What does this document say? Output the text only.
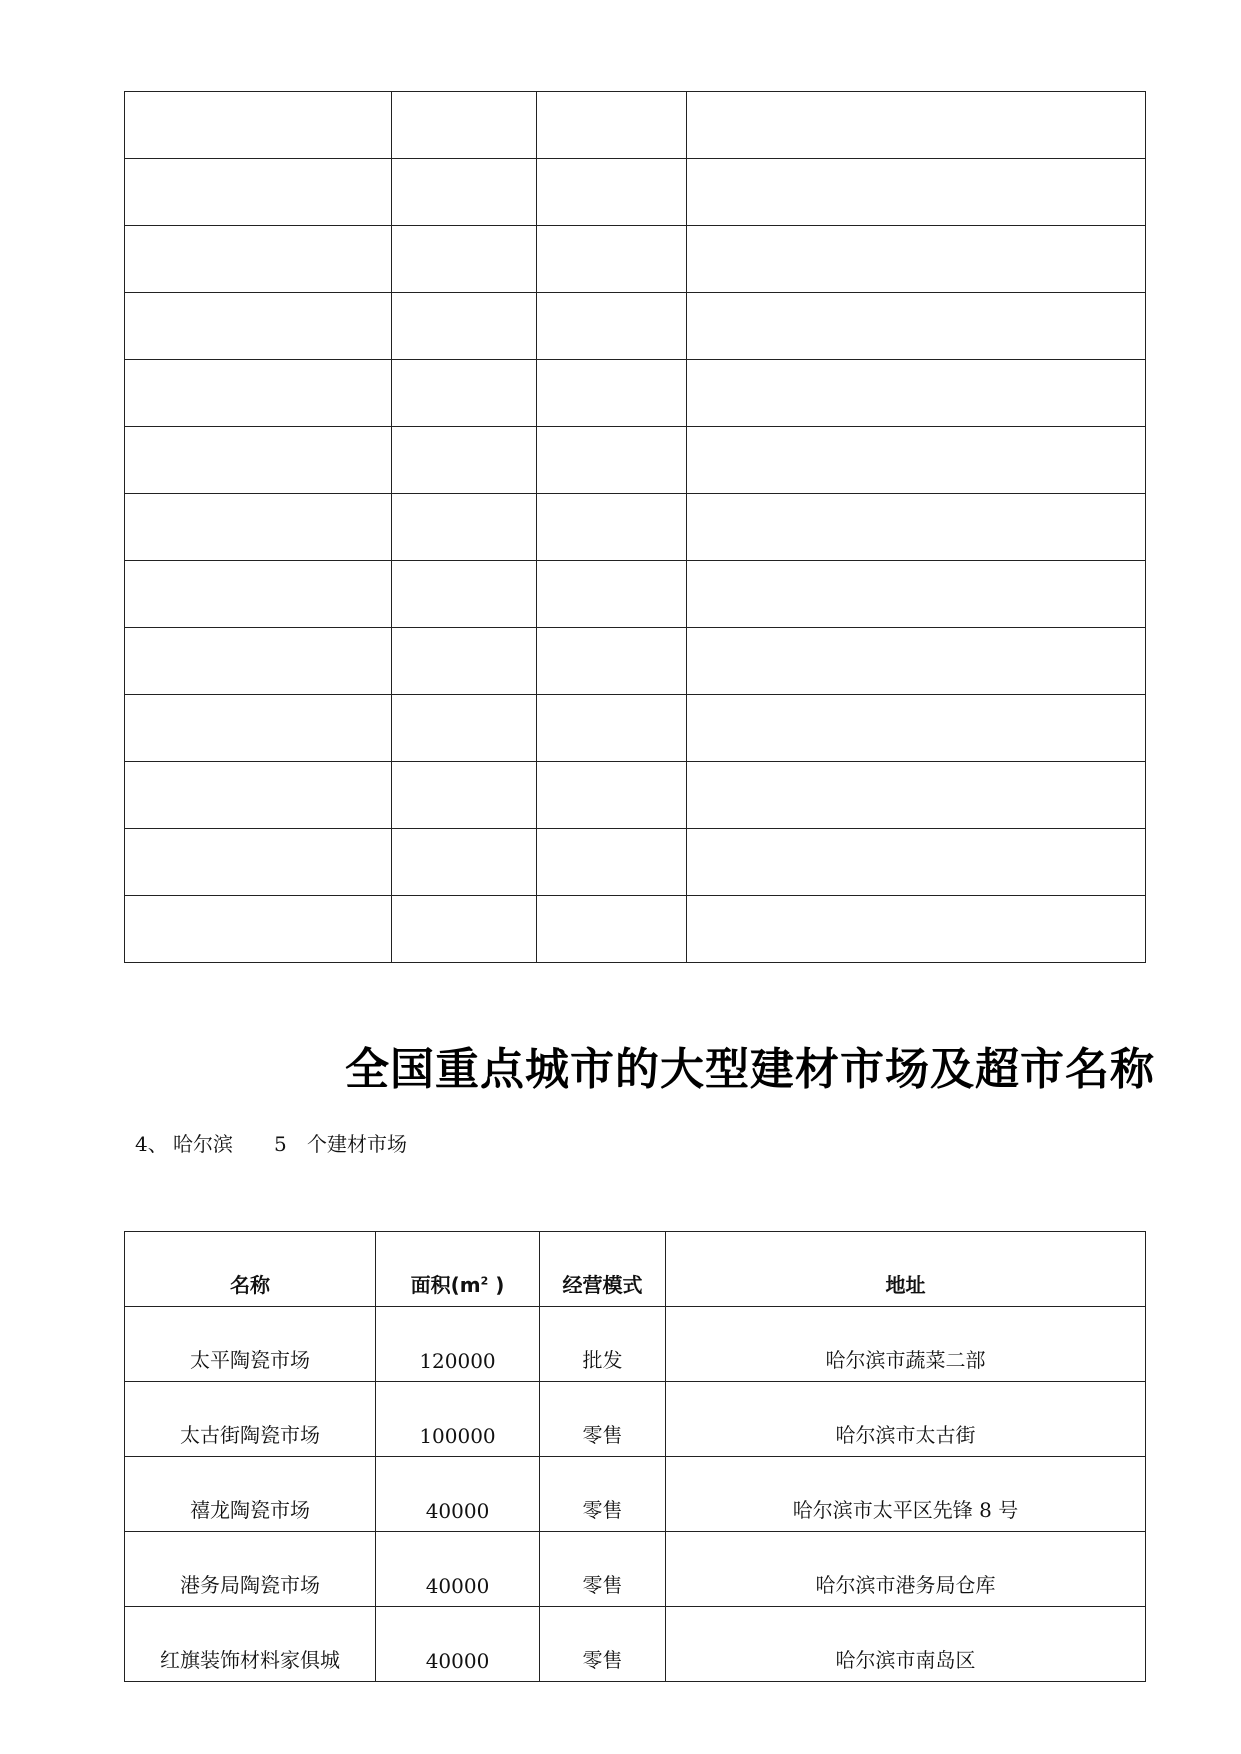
全国重点城市的大型建材市场及超市名称
4、 哈尔滨	5	个建材市场
名称	面积($m^2$ )	经营模式	地址
太平陶瓷市场	120000	批发	哈尔滨市蔬菜二部
太古街陶瓷市场	100000	零售	哈尔滨市太古街
禧龙陶瓷市场	40000	零售	哈尔滨市太平区先锋 8 号
港务局陶瓷市场	40000	零售	哈尔滨市港务局仓库
红旗装饰材料家俱城	40000	零售	哈尔滨市南岛区
